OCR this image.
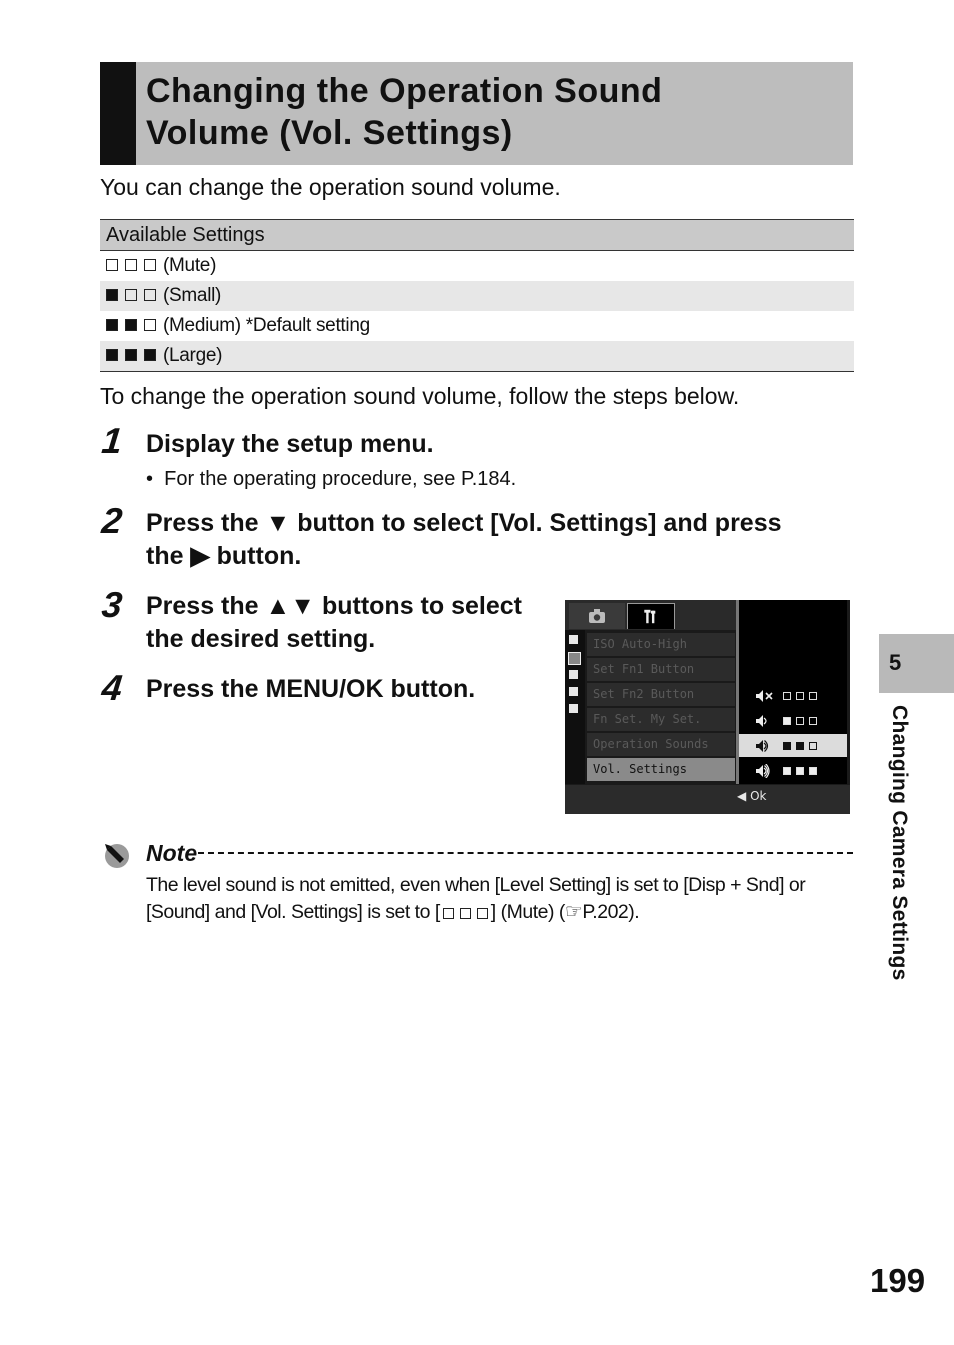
Changing the Operation Sound
Volume (Vol. Settings)
You can change the operation sound volume.
Available Settings
(Mute)
(Small)
(Medium) *Default setting
(Large)
To change the operation sound volume, follow the steps below.
1 Display the setup menu.
•  For the operating procedure, see P.184.
2 Press the ▼ button to select [Vol. Settings] and press
the ▶ button.
3 Press the ▲▼ buttons to select
the desired setting.
4 Press the MENU/OK button.
ISO Auto-High
Set Fn1 Button
Set Fn2 Button
Fn Set. My Set.
Operation Sounds
Vol. Settings
◀ Ok
5
Changing Camera Settings
Note
The level sound is not emitted, even when [Level Setting] is set to [Disp + Snd] or [Sound] and [Vol. Settings] is set to [	] (Mute) (☞P.202).
199
